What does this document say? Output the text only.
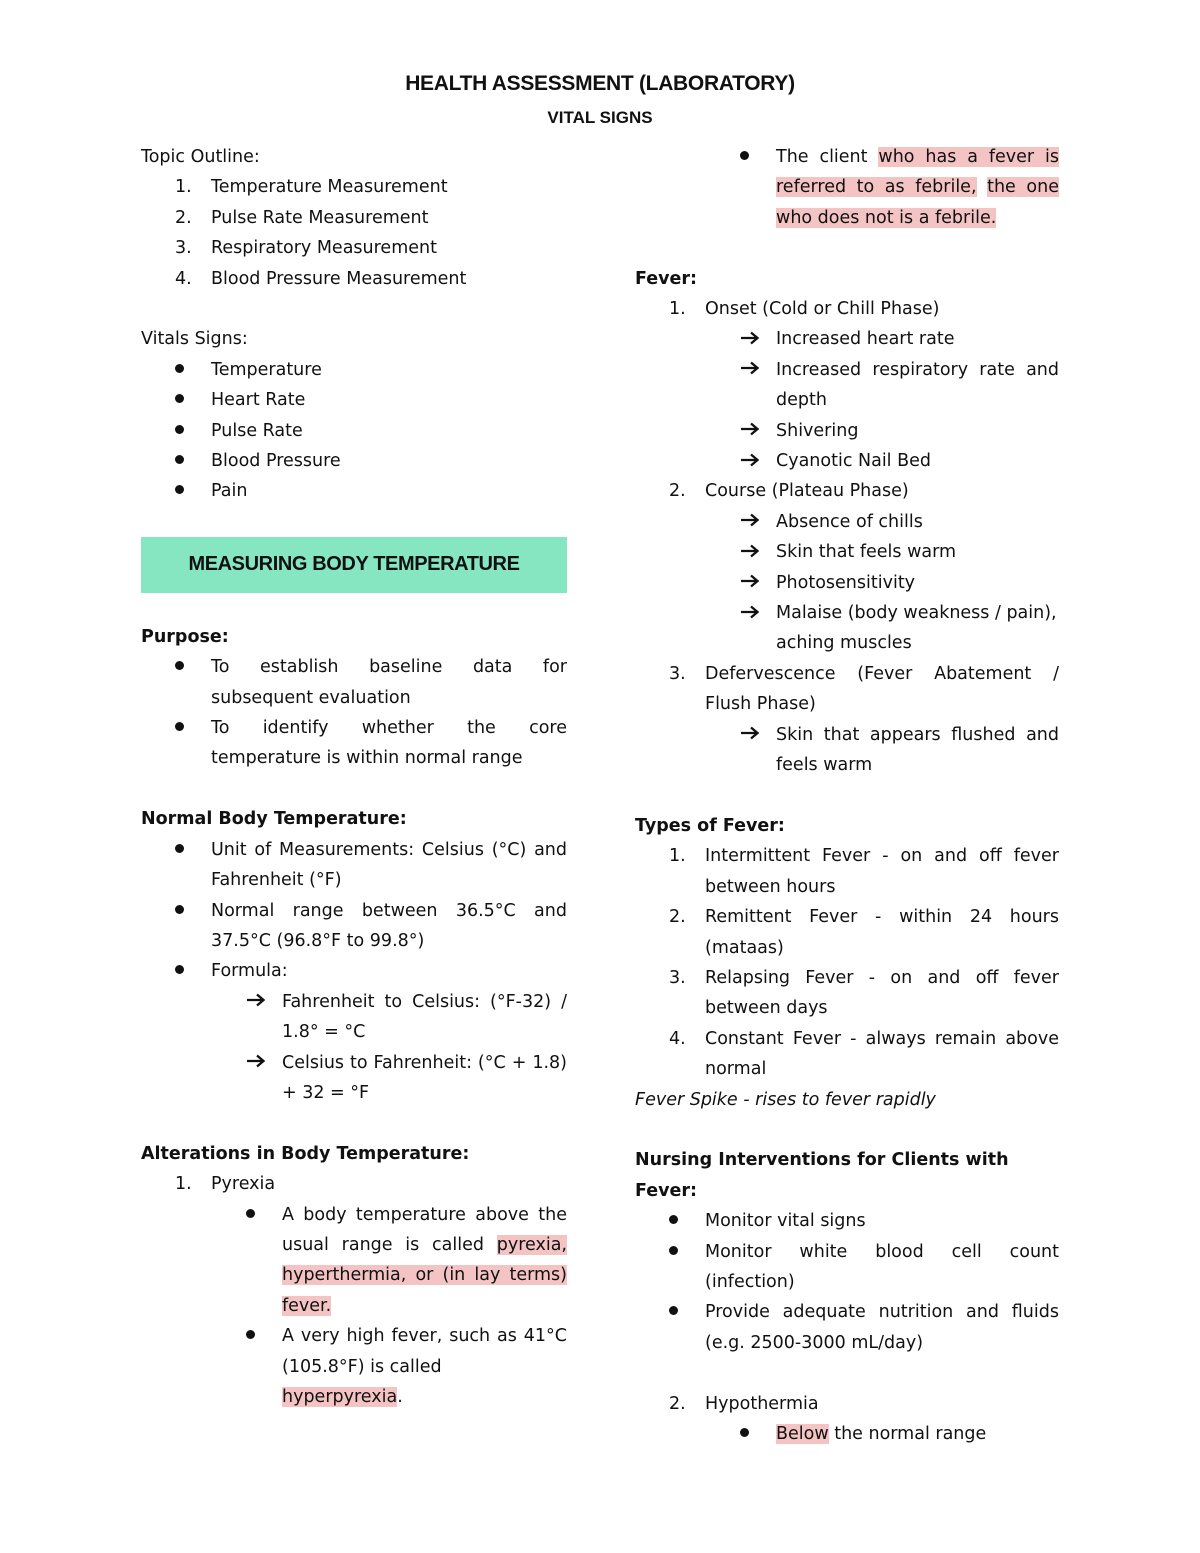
HEALTH ASSESSMENT (LABORATORY)
VITAL SIGNS
Topic Outline:
1.	Temperature Measurement
2.	Pulse Rate Measurement
3.	Respiratory Measurement
4.	Blood Pressure Measurement
Vitals Signs:
Temperature
Heart Rate
Pulse Rate
Blood Pressure
Pain
MEASURING BODY TEMPERATURE
Purpose:
To establish baseline data for
subsequent evaluation
To identify whether the core
temperature is within normal range
Normal Body Temperature:
Unit of Measurements: Celsius (°C) and
Fahrenheit (°F)
Normal range between 36.5°C and
37.5°C (96.8°F to 99.8°)
Formula:
Fahrenheit to Celsius: (°F-32) /
1.8° = °C
Celsius to Fahrenheit: (°C + 1.8)
+ 32 = °F
Alterations in Body Temperature:
1.	Pyrexia
A body temperature above the
usual range is called pyrexia,
hyperthermia, or (in lay terms)
fever.
A very high fever, such as 41°C
(105.8°F) is called hyperpyrexia.
The client who has a fever is
referred to as febrile, the one
who does not is a febrile.
Fever:
1.	Onset (Cold or Chill Phase)
Increased heart rate
Increased respiratory rate and
depth
Shivering
Cyanotic Nail Bed
2.	Course (Plateau Phase)
Absence of chills
Skin that feels warm
Photosensitivity
Malaise (body weakness / pain),
aching muscles
3.	Defervescence (Fever Abatement /
Flush Phase)
Skin that appears flushed and
feels warm
Types of Fever:
1.	Intermittent Fever - on and off fever
between hours
2.	Remittent Fever - within 24 hours
(mataas)
3.	Relapsing Fever - on and off fever
between days
4.	Constant Fever - always remain above
normal
Fever Spike - rises to fever rapidly
Nursing Interventions for Clients with Fever:
Monitor vital signs
Monitor white blood cell count
(infection)
Provide adequate nutrition and fluids
(e.g. 2500-3000 mL/day)
2.	Hypothermia
Below the normal range
